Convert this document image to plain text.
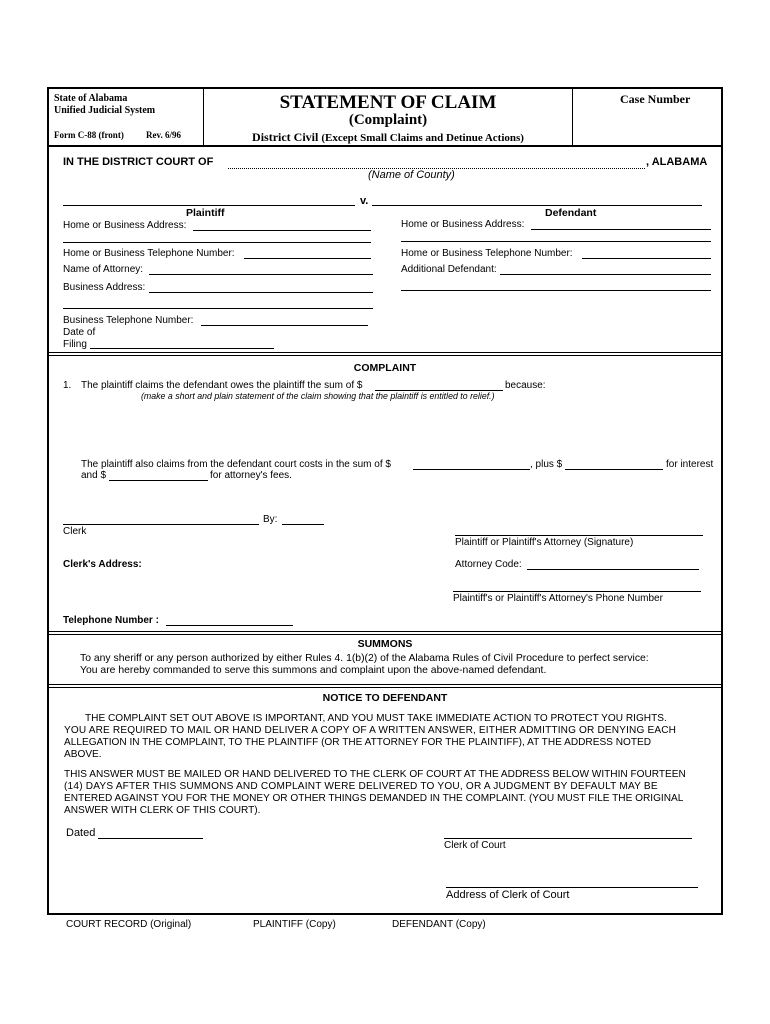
State of Alabama
Unified Judicial System
Form C-88 (front) Rev. 6/96
STATEMENT OF CLAIM
(Complaint)
District Civil (Except Small Claims and Detinue Actions)
Case Number
IN THE DISTRICT COURT OF	, ALABAMA
(Name of County)
v.
Plaintiff
Home or Business Address:
Home or Business Telephone Number:
Name of Attorney:
Business Address:
Business Telephone Number:
Date of
Filing
Defendant
Home or Business Address:
Home or Business Telephone Number:
Additional Defendant:
COMPLAINT
1. The plaintiff claims the defendant owes the plaintiff the sum of $	because:
(make a short and plain statement of the claim showing that the plaintiff is entitled to relief.)
The plaintiff also claims from the defendant court costs in the sum of $	, plus $	for interest
and $	for attorney's fees.
By:
Clerk
Plaintiff or Plaintiff's Attorney (Signature)
Clerk's Address:	Attorney Code:
Plaintiff's or Plaintiff's Attorney's Phone Number
Telephone Number :
SUMMONS
To any sheriff or any person authorized by either Rules 4. 1(b)(2) of the Alabama Rules of Civil Procedure to perfect service:
You are hereby commanded to serve this summons and complaint upon the above-named defendant.
NOTICE TO DEFENDANT
THE COMPLAINT SET OUT ABOVE IS IMPORTANT, AND YOU MUST TAKE IMMEDIATE ACTION TO PROTECT YOU RIGHTS.
YOU ARE REQUIRED TO MAIL OR HAND DELIVER A COPY OF A WRITTEN ANSWER, EITHER ADMITTING OR DENYING EACH
ALLEGATION IN THE COMPLAINT, TO THE PLAINTIFF (OR THE ATTORNEY FOR THE PLAINTIFF), AT THE ADDRESS NOTED
ABOVE.
THIS ANSWER MUST BE MAILED OR HAND DELIVERED TO THE CLERK OF COURT AT THE ADDRESS BELOW WITHIN FOURTEEN
(14) DAYS AFTER THIS SUMMONS AND COMPLAINT WERE DELIVERED TO YOU, OR A JUDGMENT BY DEFAULT MAY BE
ENTERED AGAINST YOU FOR THE MONEY OR OTHER THINGS DEMANDED IN THE COMPLAINT. (YOU MUST FILE THE ORIGINAL
ANSWER WITH CLERK OF THIS COURT).
Dated
Clerk of Court
Address of Clerk of Court
COURT RECORD (Original)	PLAINTIFF (Copy)	DEFENDANT (Copy)
